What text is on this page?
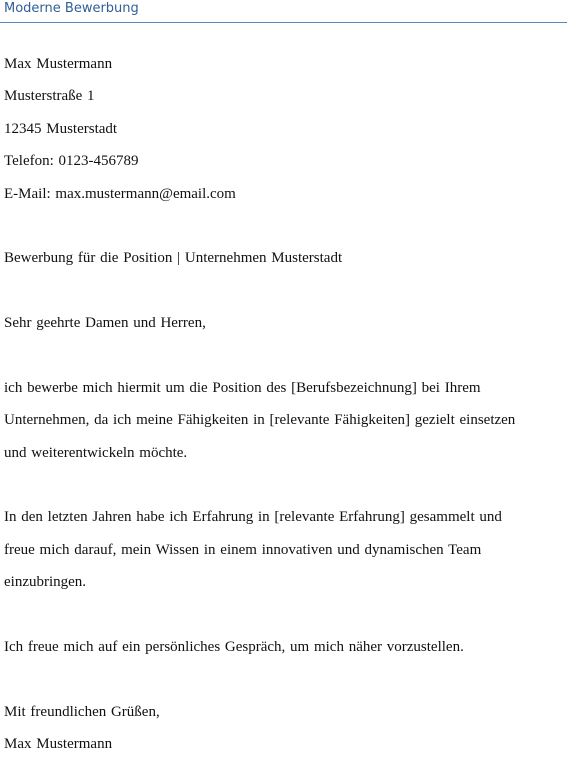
Moderne Bewerbung
Max Mustermann
Musterstraße 1
12345 Musterstadt
Telefon: 0123-456789
E-Mail: max.mustermann@email.com
Bewerbung für die Position | Unternehmen Musterstadt
Sehr geehrte Damen und Herren,
ich bewerbe mich hiermit um die Position des [Berufsbezeichnung] bei Ihrem
Unternehmen, da ich meine Fähigkeiten in [relevante Fähigkeiten] gezielt einsetzen
und weiterentwickeln möchte.
In den letzten Jahren habe ich Erfahrung in [relevante Erfahrung] gesammelt und
freue mich darauf, mein Wissen in einem innovativen und dynamischen Team
einzubringen.
Ich freue mich auf ein persönliches Gespräch, um mich näher vorzustellen.
Mit freundlichen Grüßen,
Max Mustermann
